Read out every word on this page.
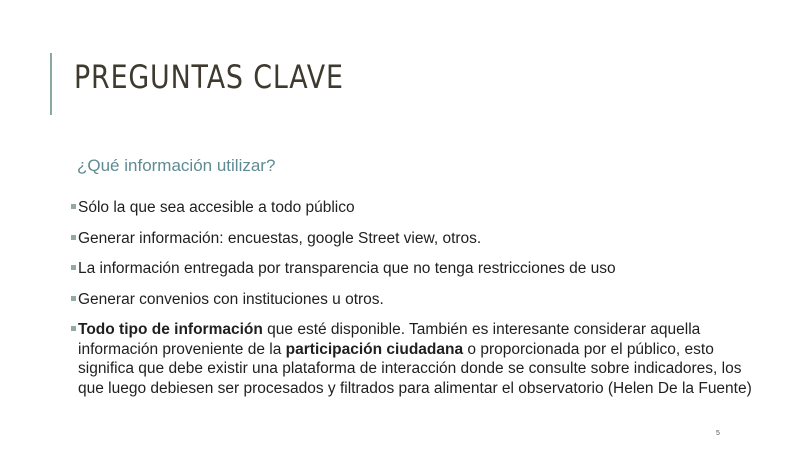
PREGUNTAS CLAVE
¿Qué información utilizar?
Sólo la que sea accesible a todo público
Generar información: encuestas, google Street view, otros.
La información entregada por transparencia que no tenga restricciones de uso
Generar convenios con instituciones u otros.
Todo tipo de información que esté disponible. También es interesante considerar aquella información proveniente de la participación ciudadana o proporcionada por el público, esto significa que debe existir una plataforma de interacción donde se consulte sobre indicadores, los que luego debiesen ser procesados y filtrados para alimentar el observatorio (Helen De la Fuente)
5
